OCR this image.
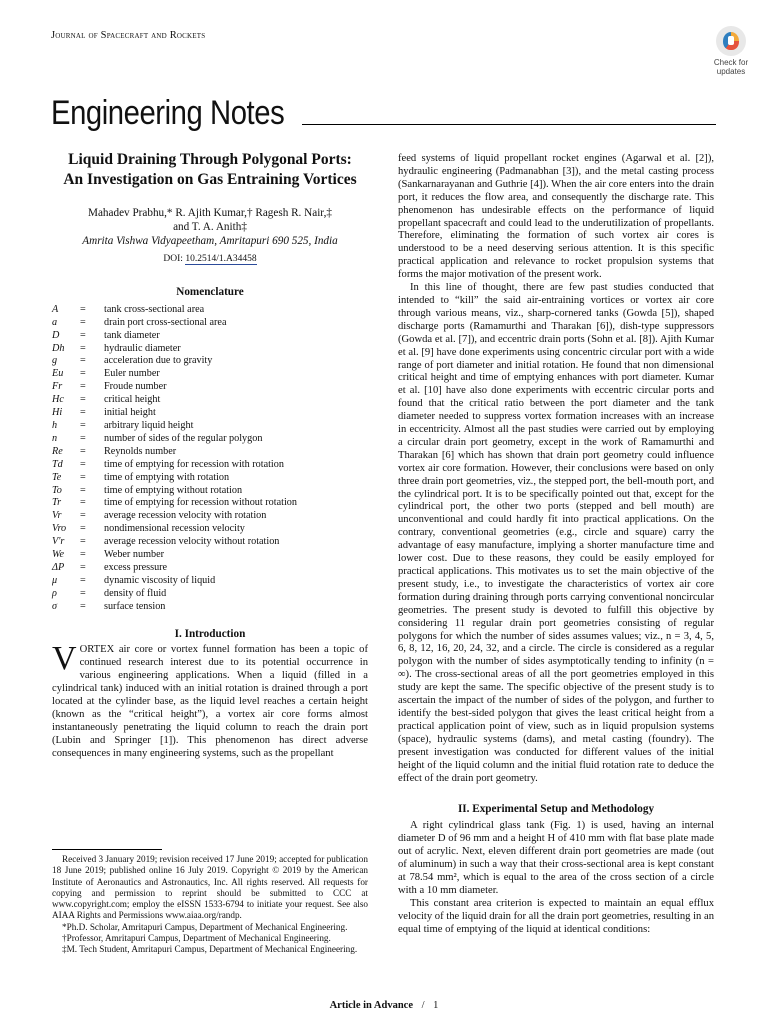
Journal of Spacecraft and Rockets
Check for
updates
Engineering Notes
Liquid Draining Through Polygonal Ports: An Investigation on Gas Entraining Vortices
Mahadev Prabhu,* R. Ajith Kumar,† Ragesh R. Nair,‡
and T. A. Anith‡
Amrita Vishwa Vidyapeetham, Amritapuri 690 525, India
DOI: 10.2514/1.A34458
Nomenclature
A	=	tank cross-sectional area
a	=	drain port cross-sectional area
D	=	tank diameter
Dh	=	hydraulic diameter
g	=	acceleration due to gravity
Eu	=	Euler number
Fr	=	Froude number
Hc	=	critical height
Hi	=	initial height
h	=	arbitrary liquid height
n	=	number of sides of the regular polygon
Re	=	Reynolds number
Td	=	time of emptying for recession with rotation
Te	=	time of emptying with rotation
To	=	time of emptying without rotation
Tr	=	time of emptying for recession without rotation
Vr	=	average recession velocity with rotation
Vro	=	nondimensional recession velocity
V'r	=	average recession velocity without rotation
We	=	Weber number
ΔP	=	excess pressure
μ	=	dynamic viscosity of liquid
ρ	=	density of fluid
σ	=	surface tension
I. Introduction

VORTEX air core or vortex funnel formation has been a topic of continued research interest due to its potential occurrence in various engineering applications. When a liquid (filled in a cylindrical tank) induced with an initial rotation is drained through a port located at the cylinder base, as the liquid level reaches a certain height (known as the “critical height”), a vortex air core forms almost instantaneously penetrating the liquid column to reach the drain port (Lubin and Springer [1]). This phenomenon has direct adverse consequences in many engineering systems, such as the propellant

feed systems of liquid propellant rocket engines (Agarwal et al. [2]), hydraulic engineering (Padmanabhan [3]), and the metal casting process (Sankarnarayanan and Guthrie [4]). When the air core enters into the drain port, it reduces the flow area, and consequently the discharge rate. This phenomenon has undesirable effects on the performance of liquid propellant spacecraft and could lead to the underutilization of propellants. Therefore, eliminating the formation of such vortex air cores is understood to be a need deserving serious attention. It is this specific practical application and relevance to rocket propulsion systems that forms the major motivation of the present work.

In this line of thought, there are few past studies conducted that intended to “kill” the said air-entraining vortices or vortex air core through various means, viz., sharp-cornered tanks (Gowda [5]), shaped discharge ports (Ramamurthi and Tharakan [6]), dish-type suppressors (Gowda et al. [7]), and eccentric drain ports (Sohn et al. [8]). Ajith Kumar et al. [9] have done experiments using concentric circular port with a wide range of port diameter and initial rotation. He found that non dimensional critical height and time of emptying enhances with port diameter. Kumar et al. [10] have also done experiments with eccentric circular ports and found that the critical ratio between the port diameter and the tank diameter needed to suppress vortex formation increases with an increase in eccentricity. Almost all the past studies were carried out by employing a circular drain port geometry, except in the work of Ramamurthi and Tharakan [6] which has shown that drain port geometry could influence vortex air core formation. However, their conclusions were based on only three drain port geometries, viz., the stepped port, the bell-mouth port, and the cylindrical port. It is to be specifically pointed out that, except for the cylindrical port, the other two ports (stepped and bell mouth) are unconventional and could hardly fit into practical applications. On the contrary, conventional geometries (e.g., circle and square) carry the advantage of easy manufacture, implying a shorter manufacture time and lower cost. Due to these reasons, they could be easily employed for practical applications. This motivates us to set the main objective of the present study, i.e., to investigate the characteristics of vortex air core formation during draining through ports carrying conventional noncircular geometries. The present study is devoted to fulfill this objective by considering 11 regular drain port geometries consisting of regular polygons for which the number of sides assumes values; viz., n = 3, 4, 5, 6, 8, 12, 16, 20, 24, 32, and a circle. The circle is considered as a regular polygon with the number of sides asymptotically tending to infinity (n = ∞). The cross-sectional areas of all the port geometries employed in this study are kept the same. The specific objective of the present study is to ascertain the impact of the number of sides of the polygon, and further to identify the best-sided polygon that gives the least critical height from a practical application point of view, such as in liquid propulsion systems (space), hydraulic systems (dams), and metal casting (foundry). The present investigation was conducted for different values of the initial height of the liquid column and the initial fluid rotation rate to deduce the effect of the drain port geometry.

II. Experimental Setup and Methodology

A right cylindrical glass tank (Fig. 1) is used, having an internal diameter D of 96 mm and a height H of 410 mm with flat base plate made out of acrylic. Next, eleven different drain port geometries are made (out of aluminum) in such a way that their cross-sectional area is kept constant at 78.54 mm², which is equal to the area of the cross section of a circle with a 10 mm diameter.

This constant area criterion is expected to maintain an equal efflux velocity of the liquid drain for all the drain port geometries, resulting in an equal time of emptying of the liquid at identical conditions:

Received 3 January 2019; revision received 17 June 2019; accepted for publication 18 June 2019; published online 16 July 2019. Copyright © 2019 by the American Institute of Aeronautics and Astronautics, Inc. All rights reserved. All requests for copying and permission to reprint should be submitted to CCC at www.copyright.com; employ the eISSN 1533-6794 to initiate your request. See also AIAA Rights and Permissions www.aiaa.org/randp.

*Ph.D. Scholar, Amritapuri Campus, Department of Mechanical Engineering.

†Professor, Amritapuri Campus, Department of Mechanical Engineering.

‡M. Tech Student, Amritapuri Campus, Department of Mechanical Engineering.

Article in Advance / 1
